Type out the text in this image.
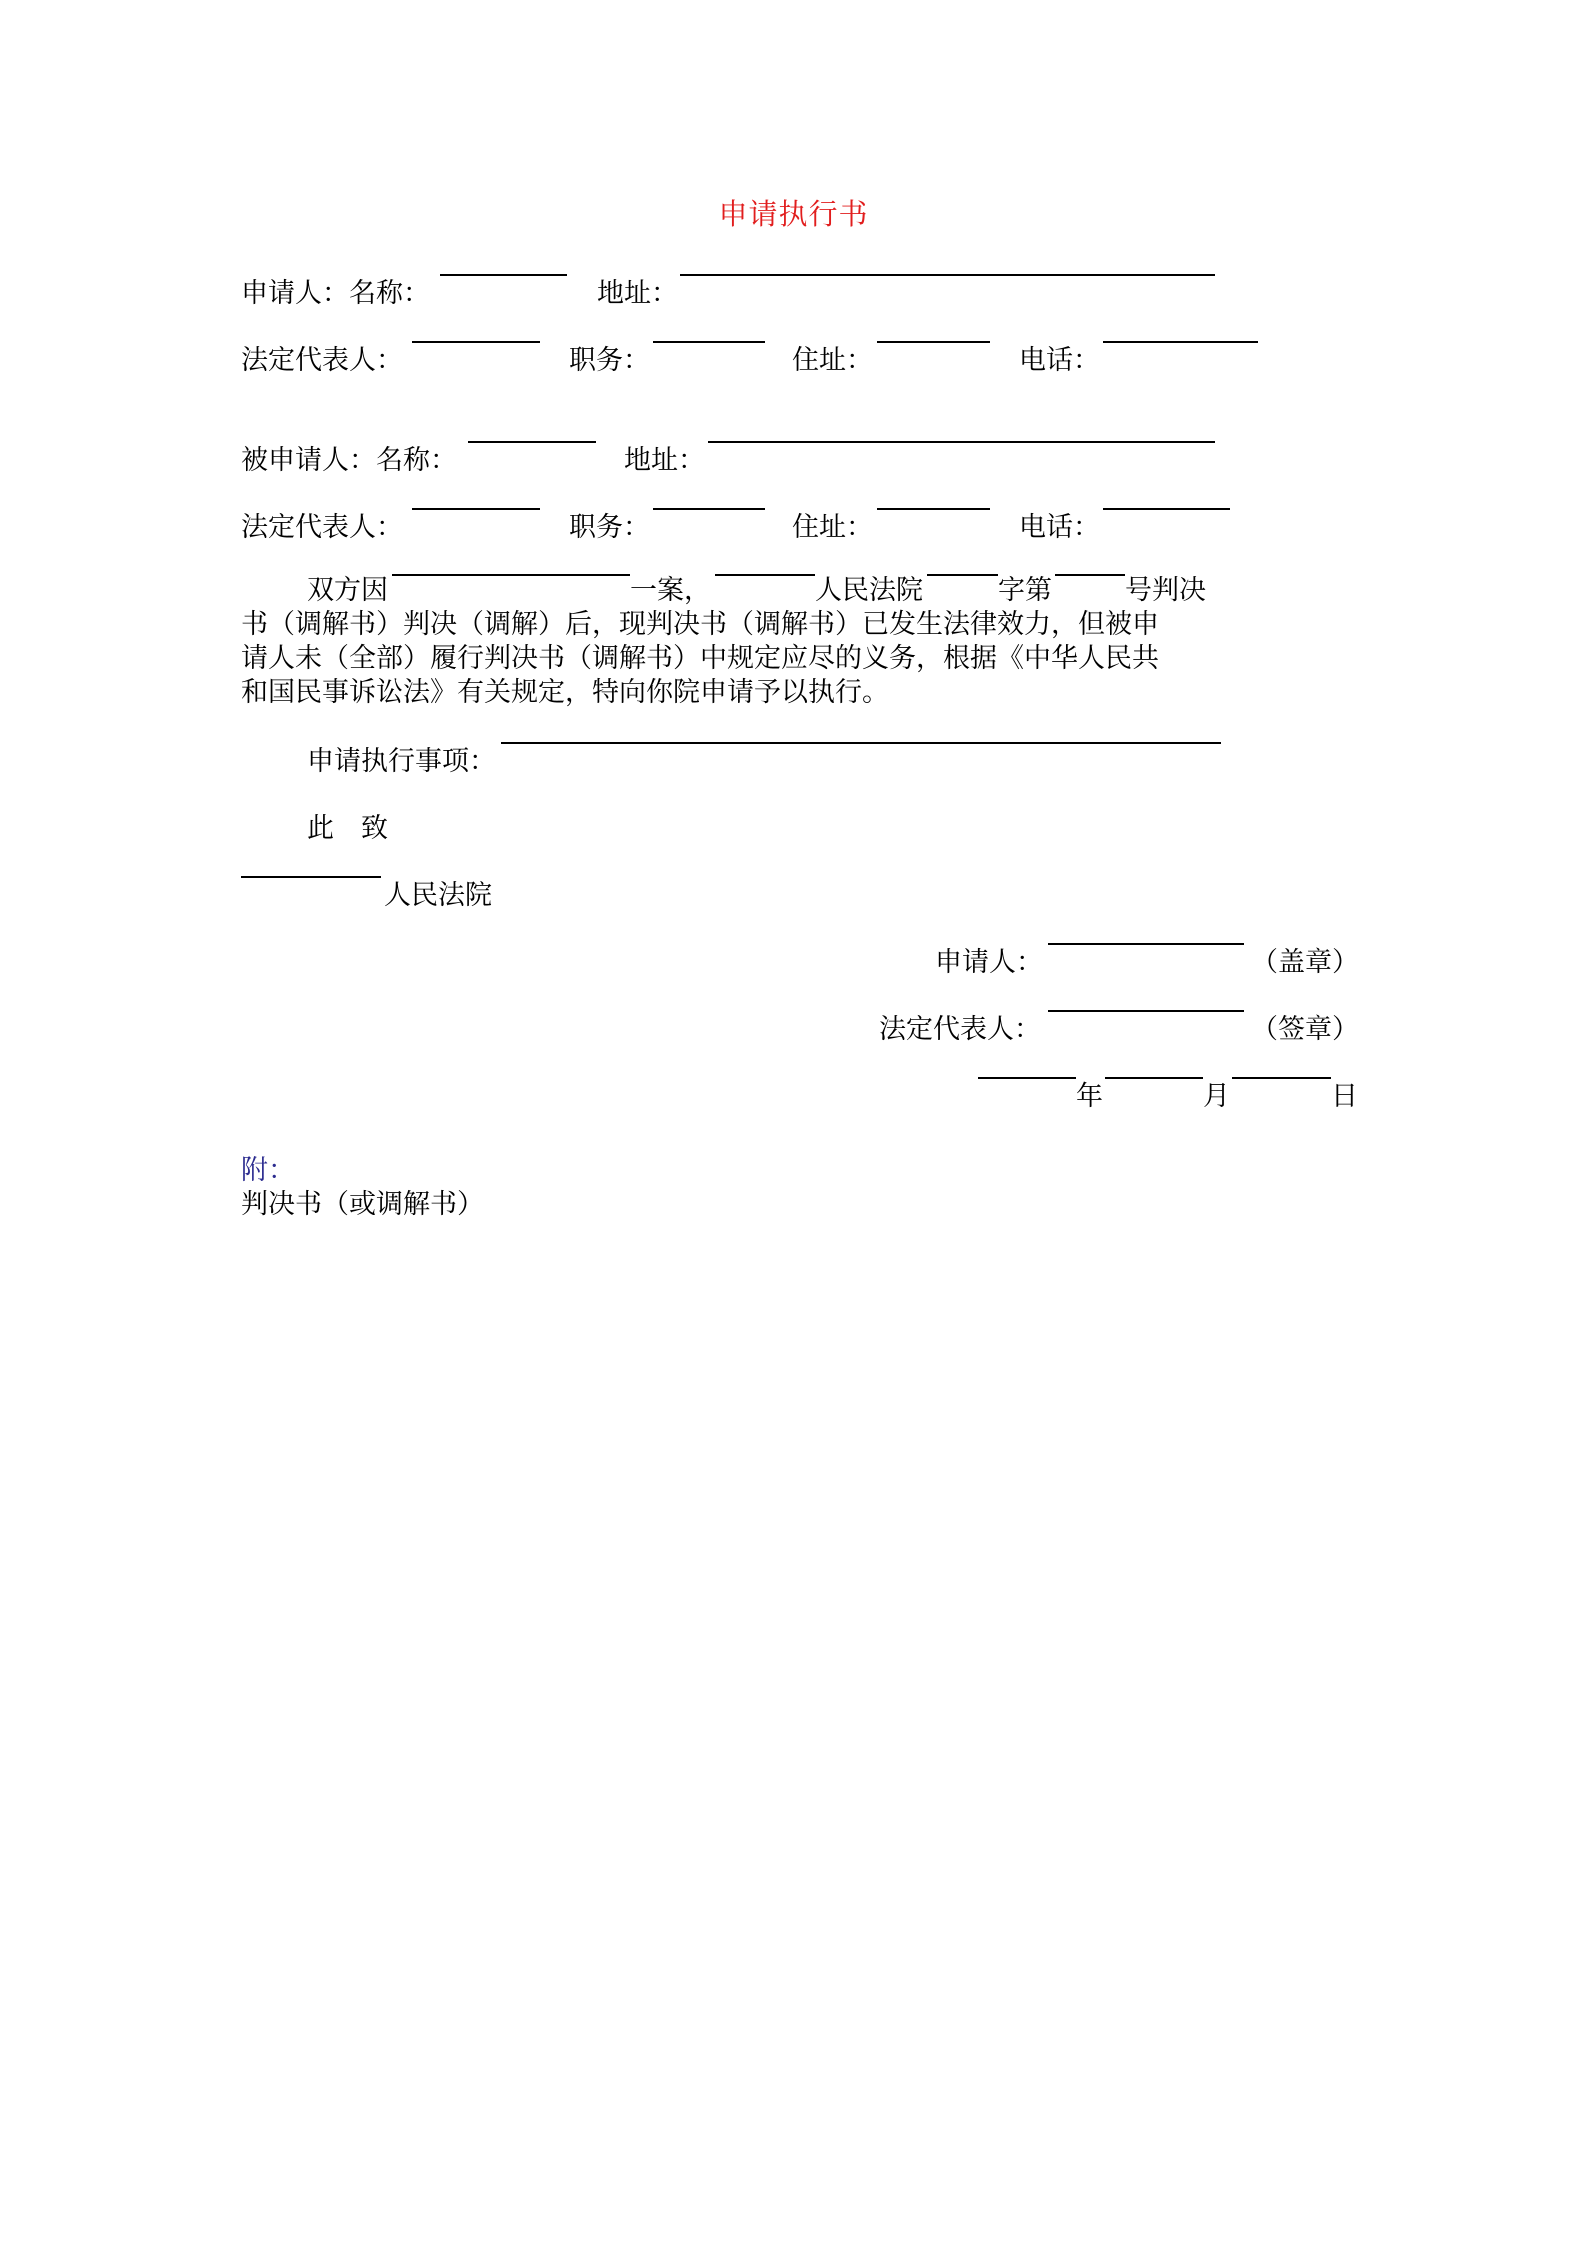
申请执行书
申请人：名称：	地址：
法定代表人：	职务：	住址：	电话：
被申请人：名称：	地址：
法定代表人：	职务：	住址：	电话：
双方因	一案，	人民法院	字第	号判决
书（调解书）判决（调解）后，现判决书（调解书）已发生法律效力，但被申
请人未（全部）履行判决书（调解书）中规定应尽的义务，根据《中华人民共
和国民事诉讼法》有关规定，特向你院申请予以执行。
申请执行事项：
此　致
人民法院
申请人：	（盖章）
法定代表人：	（签章）
年	月	日
附：
判决书（或调解书）
